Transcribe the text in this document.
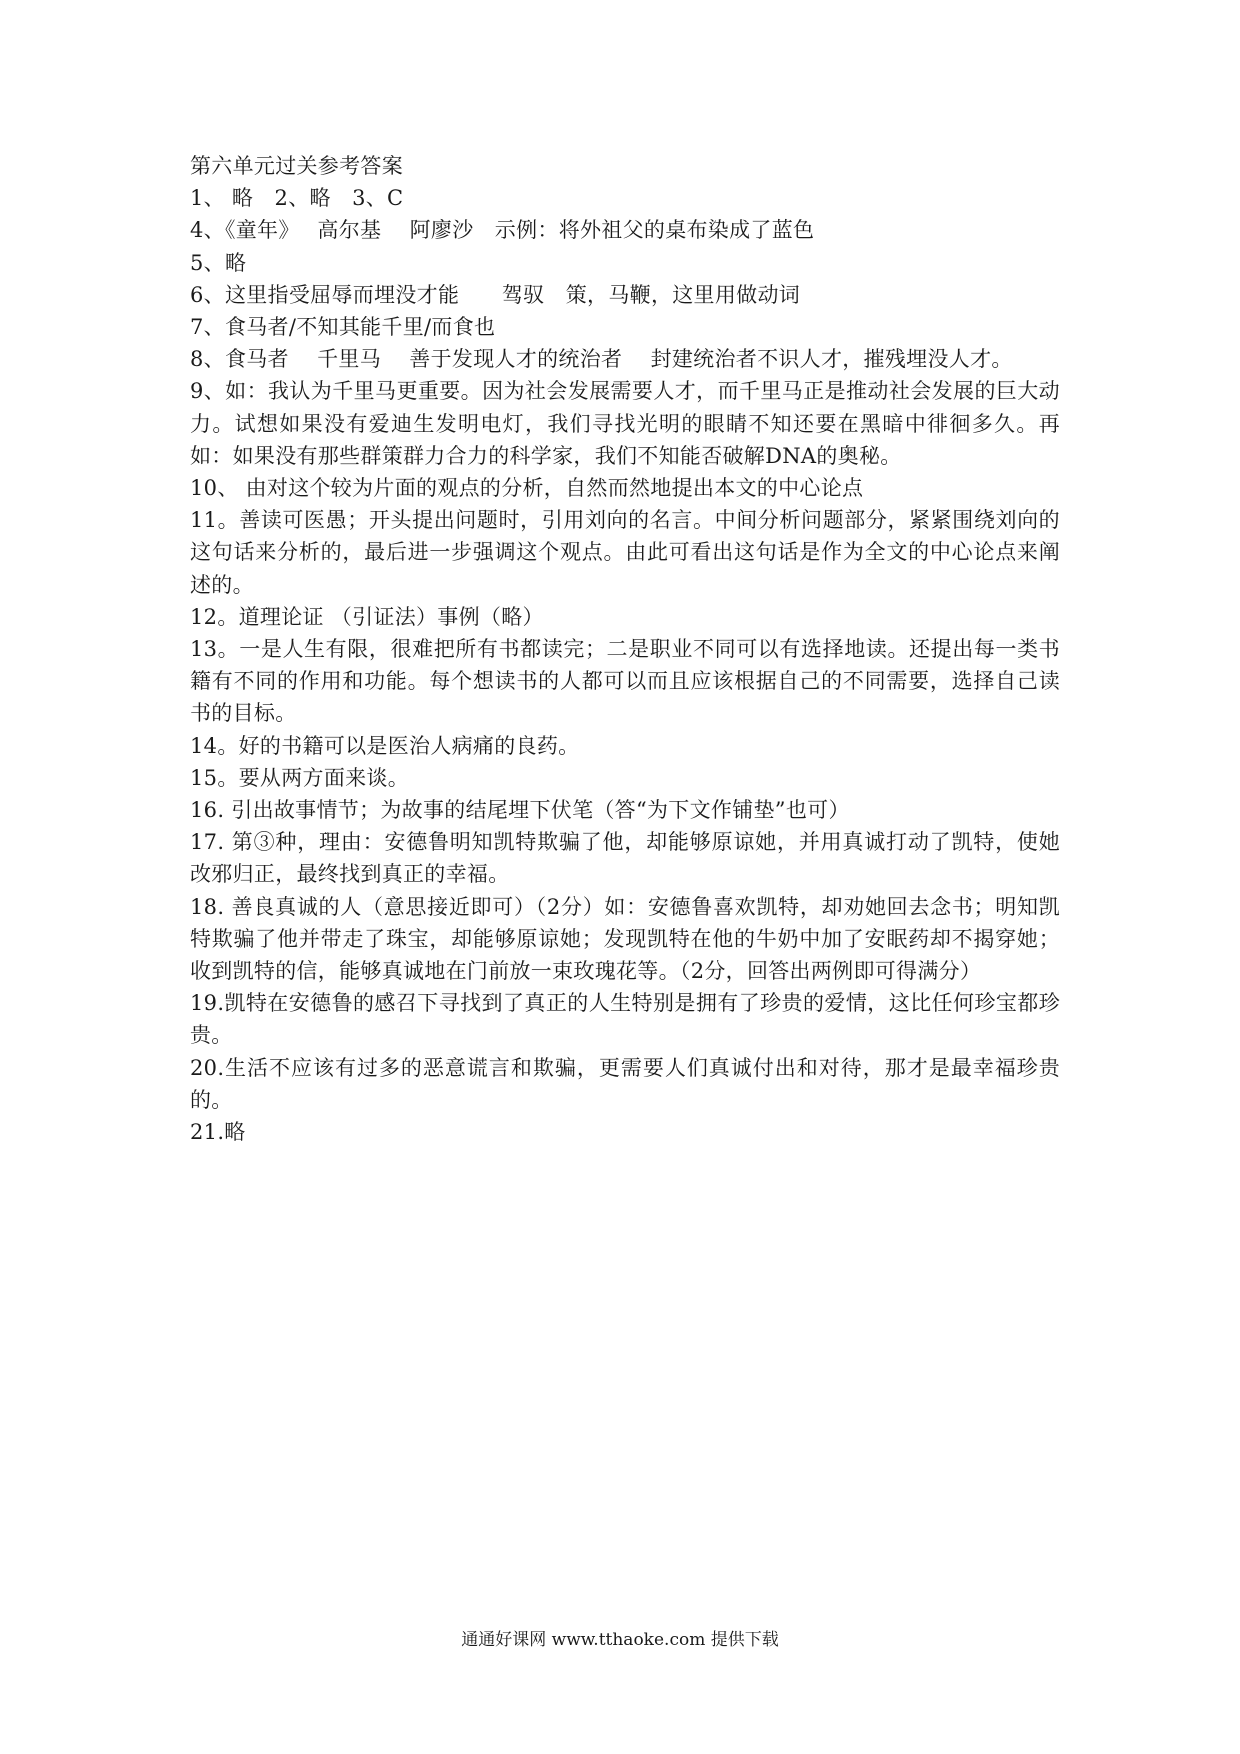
第六单元过关参考答案

1、 略　2、略　3、C

4、《童年》　 高尔基　 阿廖沙　示例：将外祖父的桌布染成了蓝色

5、略

6、这里指受屈辱而埋没才能　　驾驭　策，马鞭，这里用做动词

7、食马者/不知其能千里/而食也

8、食马者　 千里马　 善于发现人才的统治者　 封建统治者不识人才，摧残埋没人才。

9、如：我认为千里马更重要。因为社会发展需要人才，而千里马正是推动社会发展的巨大动力。试想如果没有爱迪生发明电灯，我们寻找光明的眼睛不知还要在黑暗中徘徊多久。再如：如果没有那些群策群力合力的科学家，我们不知能否破解DNA的奥秘。

10、 由对这个较为片面的观点的分析，自然而然地提出本文的中心论点

11。善读可医愚；开头提出问题时，引用刘向的名言。中间分析问题部分，紧紧围绕刘向的这句话来分析的，最后进一步强调这个观点。由此可看出这句话是作为全文的中心论点来阐述的。

12。道理论证 （引证法）事例（略）

13。一是人生有限，很难把所有书都读完；二是职业不同可以有选择地读。还提出每一类书籍有不同的作用和功能。每个想读书的人都可以而且应该根据自己的不同需要，选择自己读书的目标。

14。好的书籍可以是医治人病痛的良药。

15。要从两方面来谈。

16. 引出故事情节；为故事的结尾埋下伏笔（答“为下文作铺垫”也可）

17. 第③种，理由：安德鲁明知凯特欺骗了他，却能够原谅她，并用真诚打动了凯特，使她改邪归正，最终找到真正的幸福。

18. 善良真诚的人（意思接近即可）（2分）如：安德鲁喜欢凯特，却劝她回去念书；明知凯特欺骗了他并带走了珠宝，却能够原谅她；发现凯特在他的牛奶中加了安眠药却不揭穿她；收到凯特的信，能够真诚地在门前放一束玫瑰花等。（2分，回答出两例即可得满分）

19.凯特在安德鲁的感召下寻找到了真正的人生特别是拥有了珍贵的爱情，这比任何珍宝都珍贵。

20.生活不应该有过多的恶意谎言和欺骗，更需要人们真诚付出和对待，那才是最幸福珍贵的。

21.略

通通好课网 www.tthaoke.com 提供下载
